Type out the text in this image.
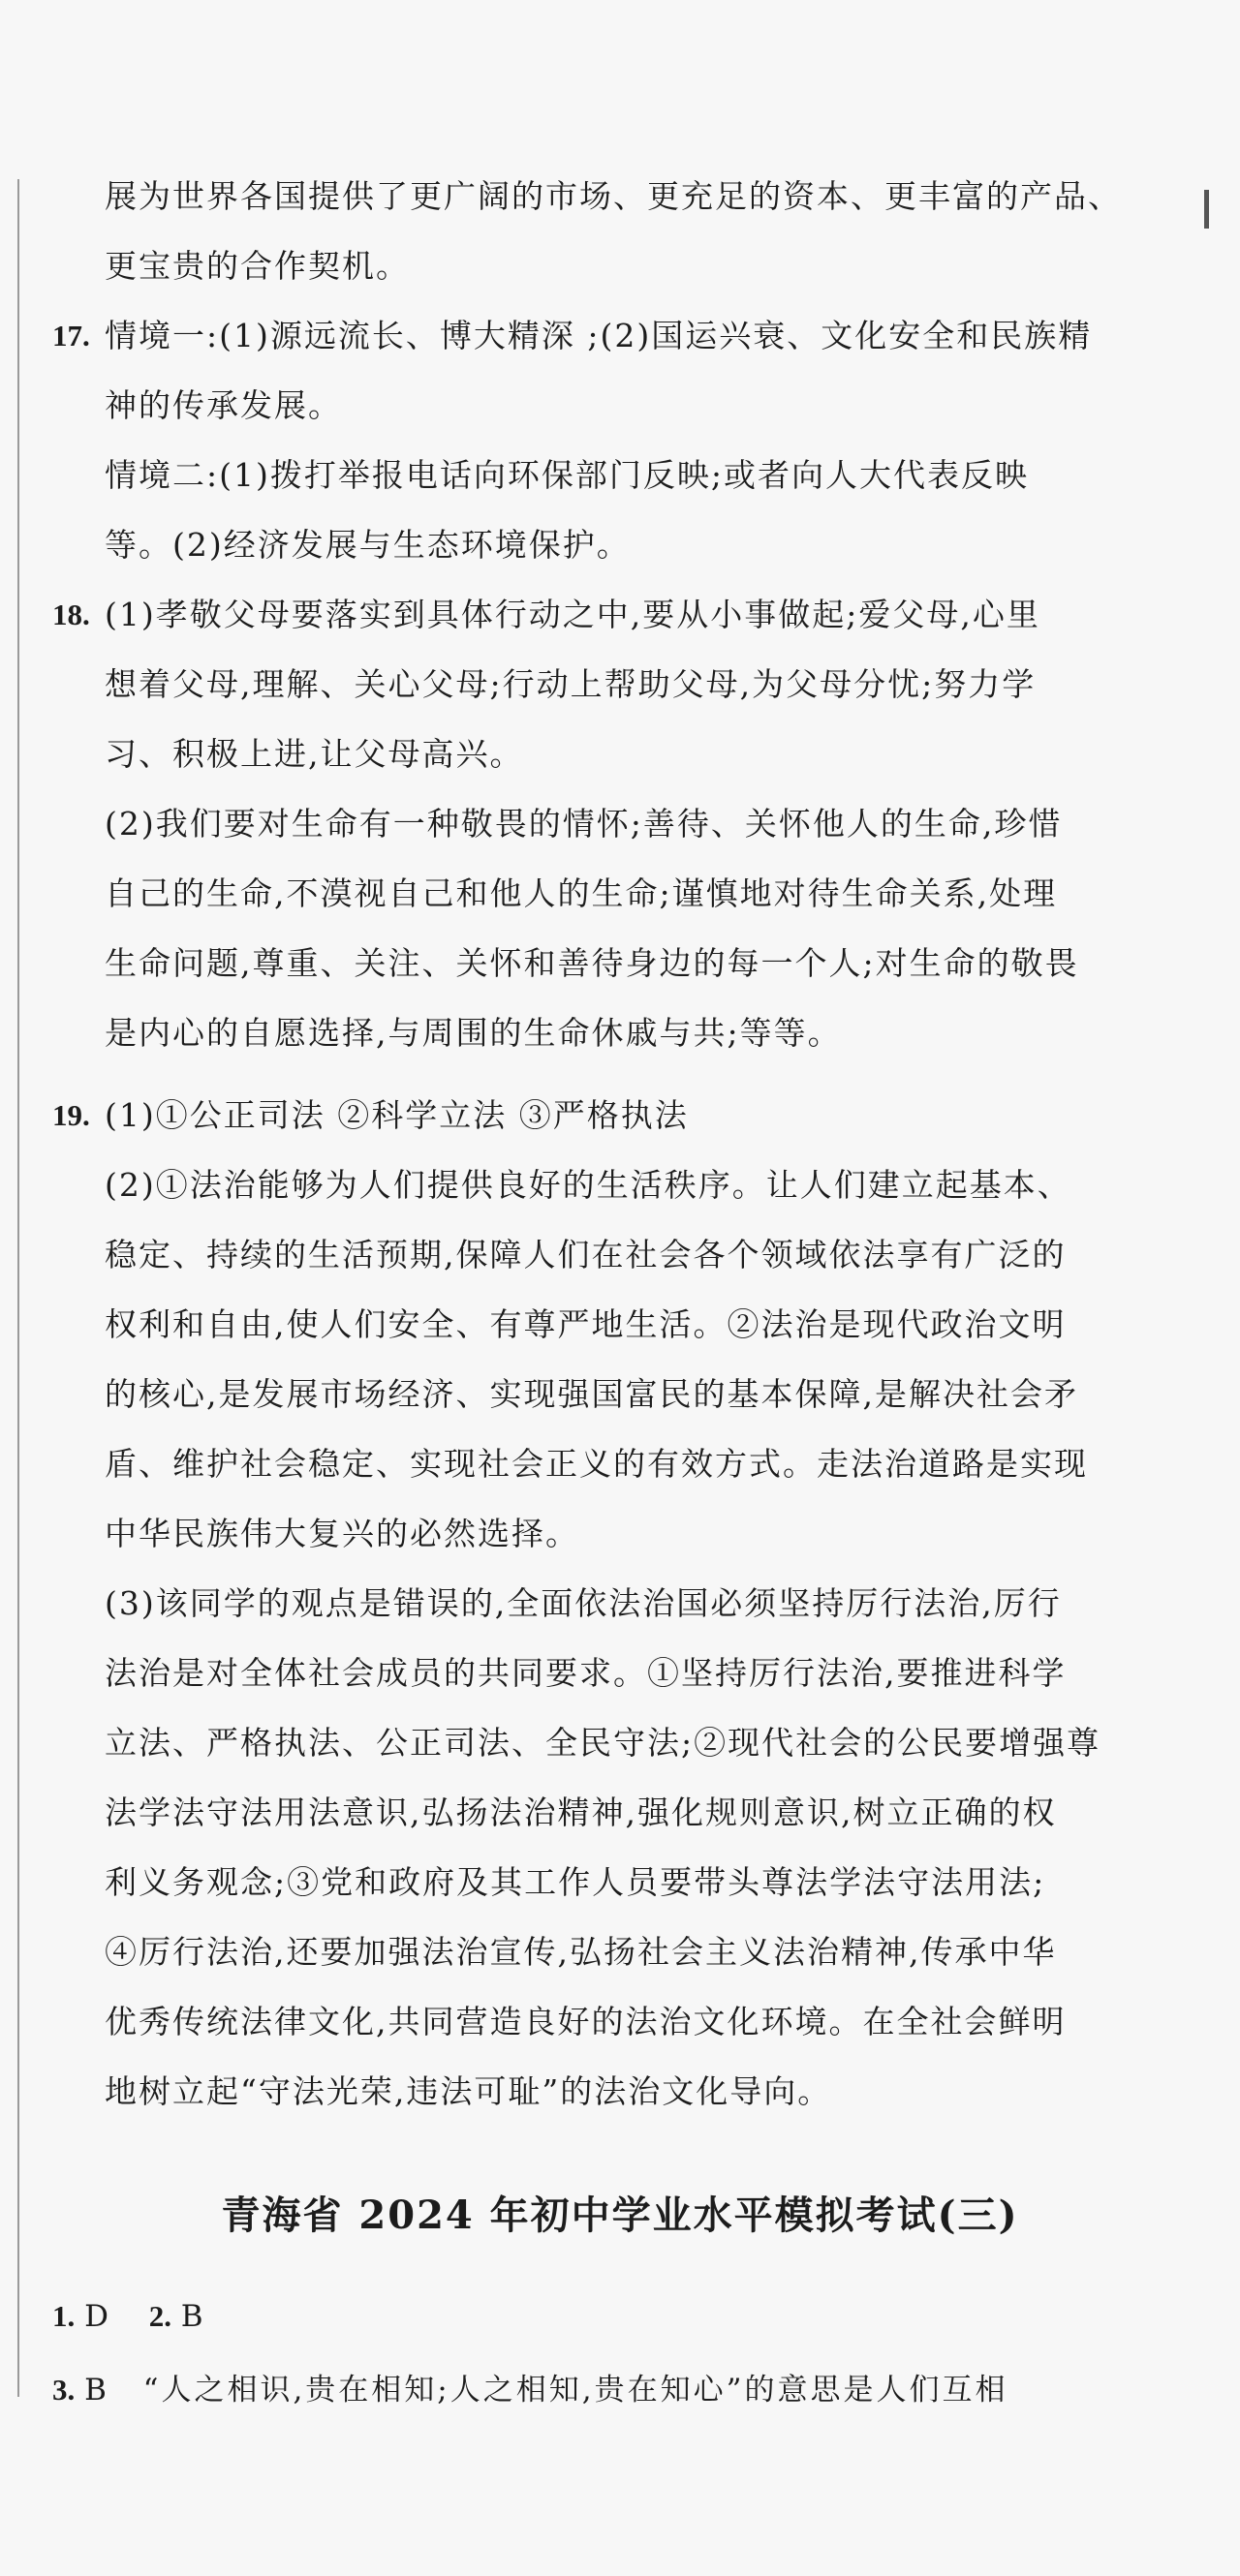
展为世界各国提供了更广阔的市场、更充足的资本、更丰富的产品、
更宝贵的合作契机。
17. 情境一:(1)源远流长、博大精深 ;(2)国运兴衰、文化安全和民族精
神的传承发展。
情境二:(1)拨打举报电话向环保部门反映;或者向人大代表反映
等。(2)经济发展与生态环境保护。
18. (1)孝敬父母要落实到具体行动之中,要从小事做起;爱父母,心里
想着父母,理解、关心父母;行动上帮助父母,为父母分忧;努力学
习、积极上进,让父母高兴。
(2)我们要对生命有一种敬畏的情怀;善待、关怀他人的生命,珍惜
自己的生命,不漠视自己和他人的生命;谨慎地对待生命关系,处理
生命问题,尊重、关注、关怀和善待身边的每一个人;对生命的敬畏
是内心的自愿选择,与周围的生命休戚与共;等等。
19. (1)①公正司法 ②科学立法 ③严格执法
(2)①法治能够为人们提供良好的生活秩序。让人们建立起基本、
稳定、持续的生活预期,保障人们在社会各个领域依法享有广泛的
权利和自由,使人们安全、有尊严地生活。②法治是现代政治文明
的核心,是发展市场经济、实现强国富民的基本保障,是解决社会矛
盾、维护社会稳定、实现社会正义的有效方式。走法治道路是实现
中华民族伟大复兴的必然选择。
(3)该同学的观点是错误的,全面依法治国必须坚持厉行法治,厉行
法治是对全体社会成员的共同要求。①坚持厉行法治,要推进科学
立法、严格执法、公正司法、全民守法;②现代社会的公民要增强尊
法学法守法用法意识,弘扬法治精神,强化规则意识,树立正确的权
利义务观念;③党和政府及其工作人员要带头尊法学法守法用法;
④厉行法治,还要加强法治宣传,弘扬社会主义法治精神,传承中华
优秀传统法律文化,共同营造良好的法治文化环境。在全社会鲜明
地树立起“守法光荣,违法可耻”的法治文化导向。
青海省 2024 年初中学业水平模拟考试(三)
1. D 2. B
3. B “人之相识,贵在相知;人之相知,贵在知心”的意思是人们互相
